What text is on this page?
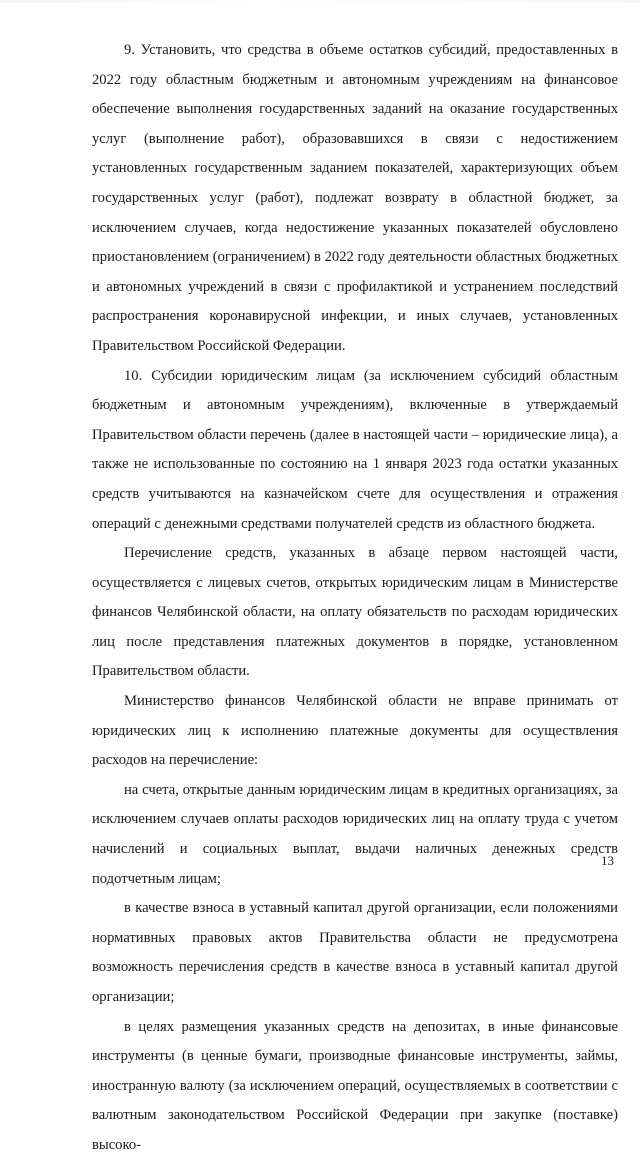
9. Установить, что средства в объеме остатков субсидий, предоставленных в 2022 году областным бюджетным и автономным учреждениям на финансовое обеспечение выполнения государственных заданий на оказание государственных услуг (выполнение работ), образовавшихся в связи с недостижением установленных государственным заданием показателей, характеризующих объем государственных услуг (работ), подлежат возврату в областной бюджет, за исключением случаев, когда недостижение указанных показателей обусловлено приостановлением (ограничением) в 2022 году деятельности областных бюджетных и автономных учреждений в связи с профилактикой и устранением последствий распространения коронавирусной инфекции, и иных случаев, установленных Правительством Российской Федерации.

10. Субсидии юридическим лицам (за исключением субсидий областным бюджетным и автономным учреждениям), включенные в утверждаемый Правительством области перечень (далее в настоящей части – юридические лица), а также не использованные по состоянию на 1 января 2023 года остатки указанных средств учитываются на казначейском счете для осуществления и отражения операций с денежными средствами получателей средств из областного бюджета.

Перечисление средств, указанных в абзаце первом настоящей части, осуществляется с лицевых счетов, открытых юридическим лицам в Министерстве финансов Челябинской области, на оплату обязательств по расходам юридических лиц после представления платежных документов в порядке, установленном Правительством области.

Министерство финансов Челябинской области не вправе принимать от юридических лиц к исполнению платежные документы для осуществления расходов на перечисление:

на счета, открытые данным юридическим лицам в кредитных организациях, за исключением случаев оплаты расходов юридических лиц на оплату труда с учетом начислений и социальных выплат, выдачи наличных денежных средств подотчетным лицам;

в качестве взноса в уставный капитал другой организации, если положениями нормативных правовых актов Правительства области не предусмотрена возможность перечисления средств в качестве взноса в уставный капитал другой организации;

в целях размещения указанных средств на депозитах, в иные финансовые инструменты (в ценные бумаги, производные финансовые инструменты, займы, иностранную валюту (за исключением операций, осуществляемых в соответствии с валютным законодательством Российской Федерации при закупке (поставке) высоко-

13
